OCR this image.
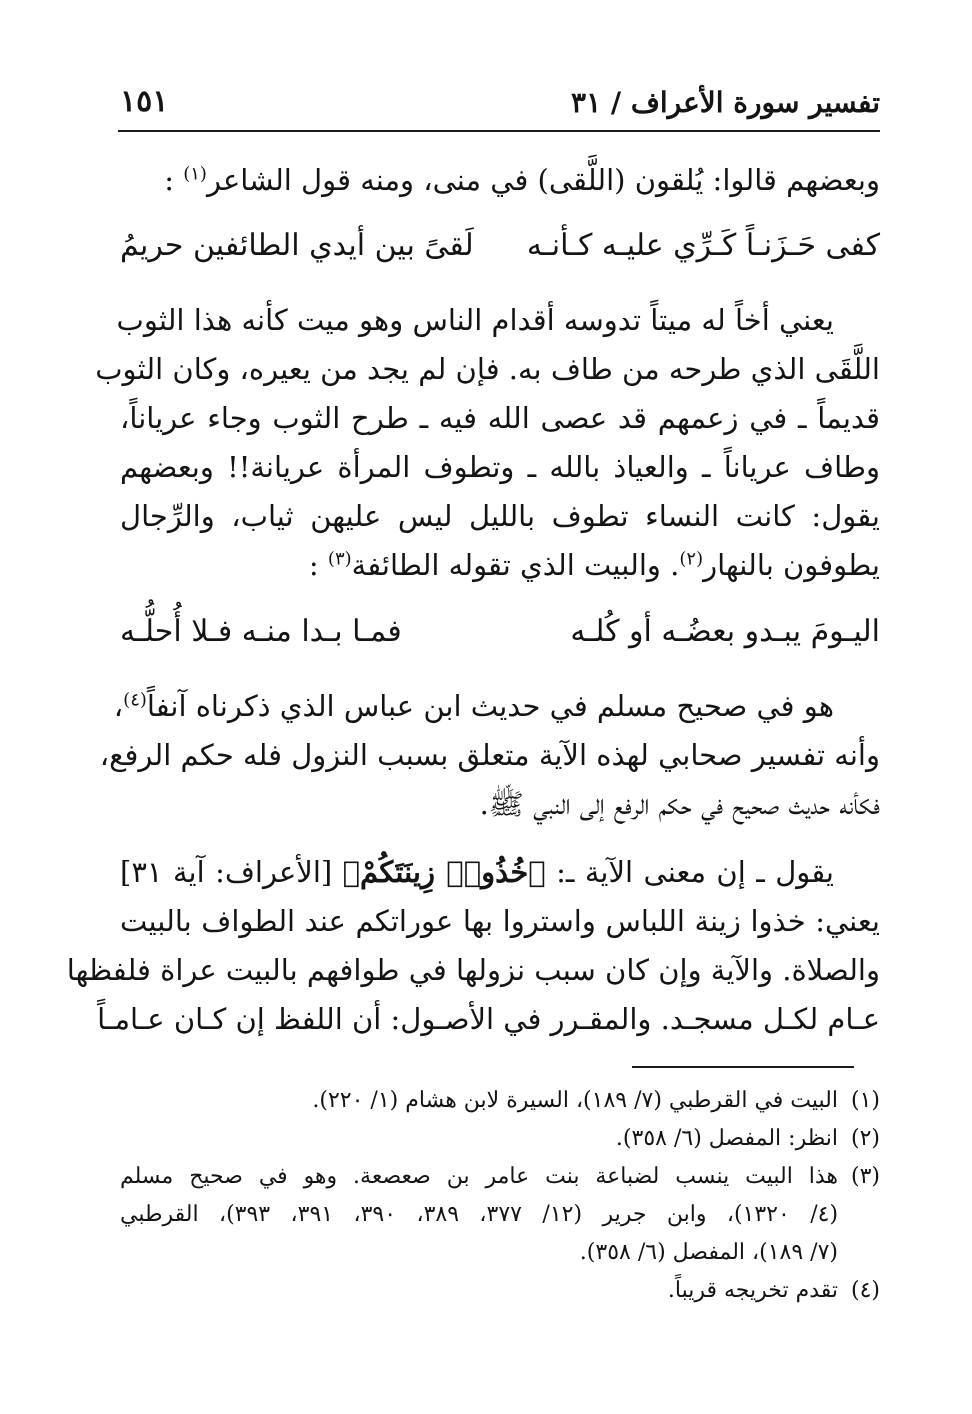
تفسير سورة الأعراف / ٣١
١٥١
وبعضهم قالوا: يُلقون (اللَّقى) في منى، ومنه قول الشاعر$^{(١)}$ :
كفى حَـزَنـاً كَـرِّي عليـه كـأنـه
لَقىً بين أيدي الطائفين حريمُ
يعني أخاً له ميتاً تدوسه أقدام الناس وهو ميت كأنه هذا الثوب
اللَّقَى الذي طرحه من طاف به. فإن لم يجد من يعيره، وكان الثوب
قديماً ـ في زعمهم قد عصى الله فيه ـ طرح الثوب وجاء عرياناً،
وطاف عرياناً ـ والعياذ بالله ـ وتطوف المرأة عريانة!! وبعضهم
يقول: كانت النساء تطوف بالليل ليس عليهن ثياب، والرِّجال
يطوفون بالنهار$^{(٢)}$. والبيت الذي تقوله الطائفة$^{(٣)}$ :
اليـومَ يبـدو بعضُـه أو كُلـه
فمـا بـدا منـه فـلا أُحلُّـه
هو في صحيح مسلم في حديث ابن عباس الذي ذكرناه آنفاً$^{(٤)}$،
وأنه تفسير صحابي لهذه الآية متعلق بسبب النزول فله حكم الرفع،
فكأنه حديث صحيح في حكم الرفع إلى النبي ﷺ.
يقول ـ إن معنى الآية ـ: ﴿خُذُوا۟ زِينَتَكُمْ﴾ [الأعراف: آية ٣١]
يعني: خذوا زينة اللباس واستروا بها عوراتكم عند الطواف بالبيت
والصلاة. والآية وإن كان سبب نزولها في طوافهم بالبيت عراة فلفظها
عـام لكـل مسجـد. والمقـرر في الأصـول: أن اللفظ إن كـان عـامـاً
(١)البيت في القرطبي (٧/ ١٨٩)، السيرة لابن هشام (١/ ٢٢٠).
(٢)انظر: المفصل (٦/ ٣٥٨).
(٣)هذا البيت ينسب لضباعة بنت عامر بن صعصعة. وهو في صحيح مسلم
(٤/ ١٣٢٠)، وابن جرير (١٢/ ٣٧٧، ٣٨٩، ٣٩٠، ٣٩١، ٣٩٣)، القرطبي
(٧/ ١٨٩)، المفصل (٦/ ٣٥٨).
(٤)تقدم تخريجه قريباً.
